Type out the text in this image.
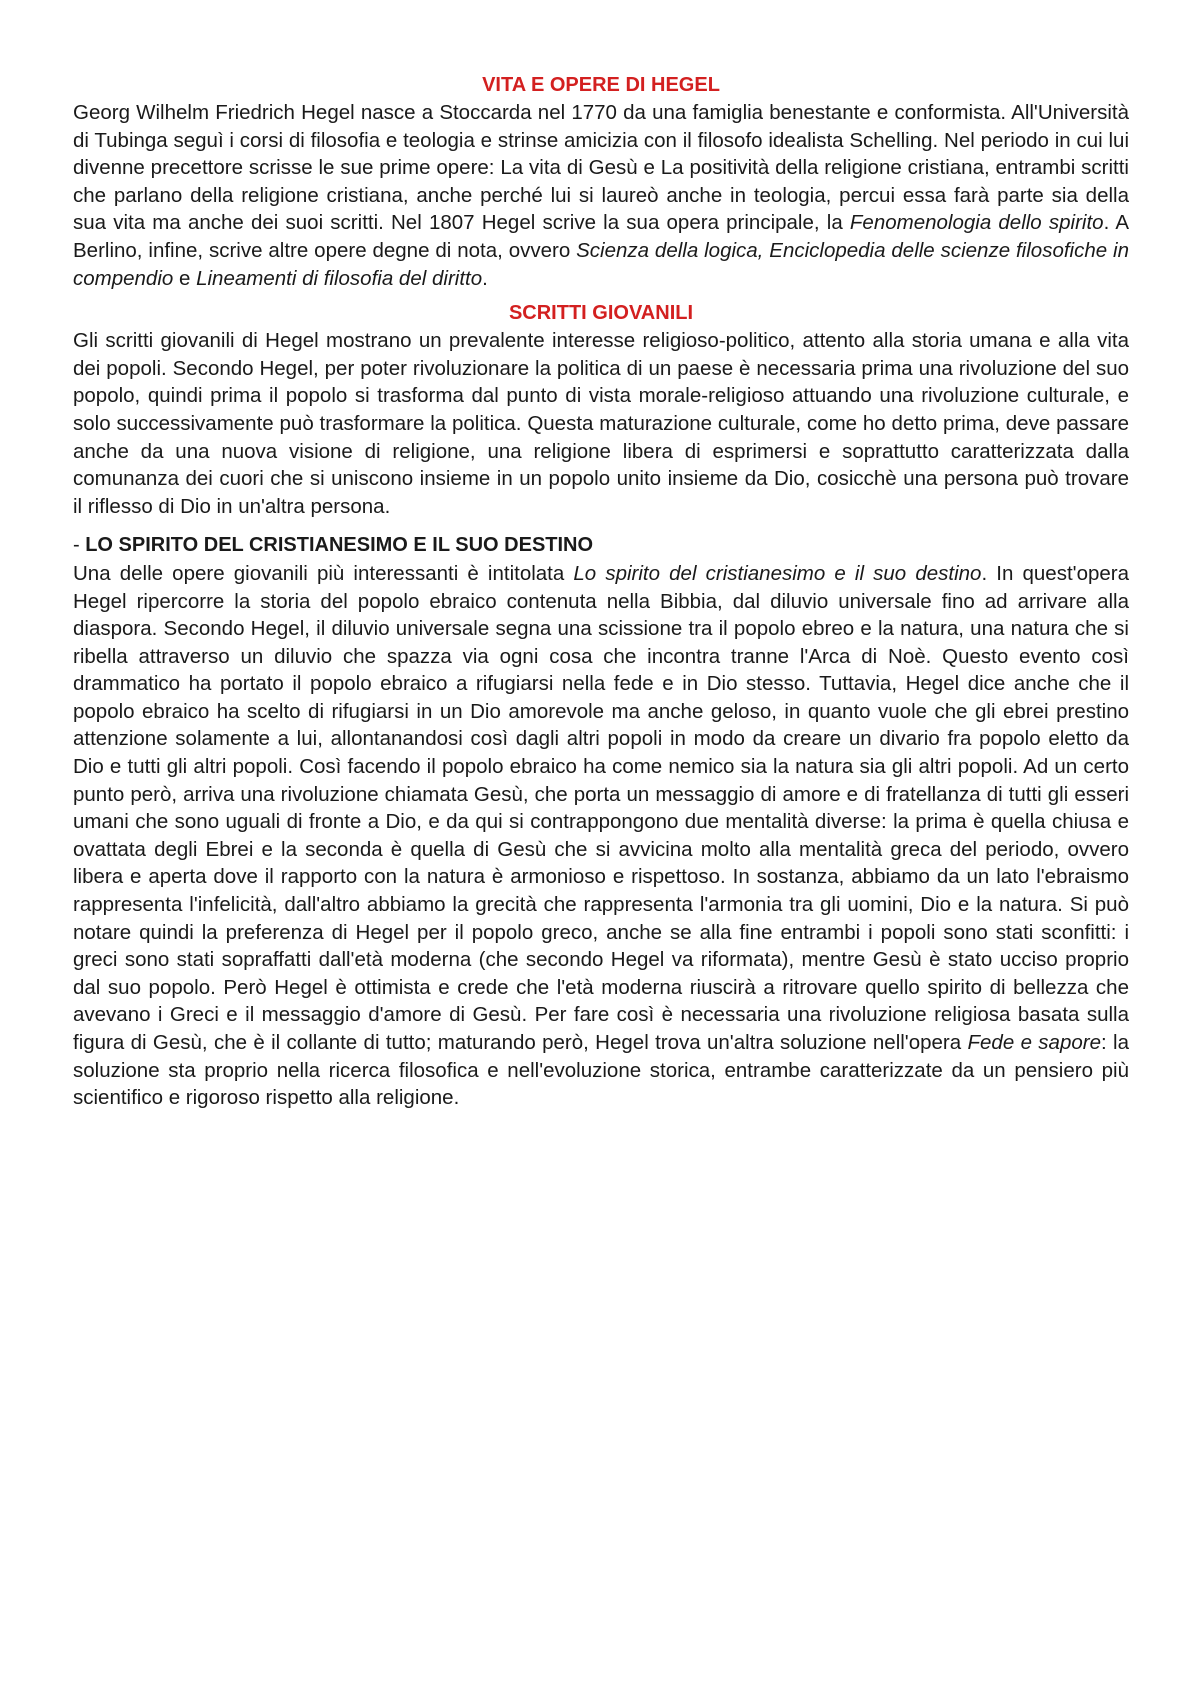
VITA E OPERE DI HEGEL

Georg Wilhelm Friedrich Hegel nasce a Stoccarda nel 1770 da una famiglia benestante e conformista. All'Università di Tubinga seguì i corsi di filosofia e teologia e strinse amicizia con il filosofo idealista Schelling. Nel periodo in cui lui divenne precettore scrisse le sue prime opere: La vita di Gesù e La positività della religione cristiana, entrambi scritti che parlano della religione cristiana, anche perché lui si laureò anche in teologia, percui essa farà parte sia della sua vita ma anche dei suoi scritti. Nel 1807 Hegel scrive la sua opera principale, la Fenomenologia dello spirito. A Berlino, infine, scrive altre opere degne di nota, ovvero Scienza della logica, Enciclopedia delle scienze filosofiche in compendio e Lineamenti di filosofia del diritto.

SCRITTI GIOVANILI

Gli scritti giovanili di Hegel mostrano un prevalente interesse religioso-politico, attento alla storia umana e alla vita dei popoli. Secondo Hegel, per poter rivoluzionare la politica di un paese è necessaria prima una rivoluzione del suo popolo, quindi prima il popolo si trasforma dal punto di vista morale-religioso attuando una rivoluzione culturale, e solo successivamente può trasformare la politica. Questa maturazione culturale, come ho detto prima, deve passare anche da una nuova visione di religione, una religione libera di esprimersi e soprattutto caratterizzata dalla comunanza dei cuori che si uniscono insieme in un popolo unito insieme da Dio, cosicchè una persona può trovare il riflesso di Dio in un'altra persona.

- LO SPIRITO DEL CRISTIANESIMO E IL SUO DESTINO

Una delle opere giovanili più interessanti è intitolata Lo spirito del cristianesimo e il suo destino. In quest'opera Hegel ripercorre la storia del popolo ebraico contenuta nella Bibbia, dal diluvio universale fino ad arrivare alla diaspora. Secondo Hegel, il diluvio universale segna una scissione tra il popolo ebreo e la natura, una natura che si ribella attraverso un diluvio che spazza via ogni cosa che incontra tranne l'Arca di Noè. Questo evento così drammatico ha portato il popolo ebraico a rifugiarsi nella fede e in Dio stesso. Tuttavia, Hegel dice anche che il popolo ebraico ha scelto di rifugiarsi in un Dio amorevole ma anche geloso, in quanto vuole che gli ebrei prestino attenzione solamente a lui, allontanandosi così dagli altri popoli in modo da creare un divario fra popolo eletto da Dio e tutti gli altri popoli. Così facendo il popolo ebraico ha come nemico sia la natura sia gli altri popoli. Ad un certo punto però, arriva una rivoluzione chiamata Gesù, che porta un messaggio di amore e di fratellanza di tutti gli esseri umani che sono uguali di fronte a Dio, e da qui si contrappongono due mentalità diverse: la prima è quella chiusa e ovattata degli Ebrei e la seconda è quella di Gesù che si avvicina molto alla mentalità greca del periodo, ovvero libera e aperta dove il rapporto con la natura è armonioso e rispettoso. In sostanza, abbiamo da un lato l'ebraismo rappresenta l'infelicità, dall'altro abbiamo la grecità che rappresenta l'armonia tra gli uomini, Dio e la natura. Si può notare quindi la preferenza di Hegel per il popolo greco, anche se alla fine entrambi i popoli sono stati sconfitti: i greci sono stati sopraffatti dall'età moderna (che secondo Hegel va riformata), mentre Gesù è stato ucciso proprio dal suo popolo. Però Hegel è ottimista e crede che l'età moderna riuscirà a ritrovare quello spirito di bellezza che avevano i Greci e il messaggio d'amore di Gesù. Per fare così è necessaria una rivoluzione religiosa basata sulla figura di Gesù, che è il collante di tutto; maturando però, Hegel trova un'altra soluzione nell'opera Fede e sapore: la soluzione sta proprio nella ricerca filosofica e nell'evoluzione storica, entrambe caratterizzate da un pensiero più scientifico e rigoroso rispetto alla religione.
